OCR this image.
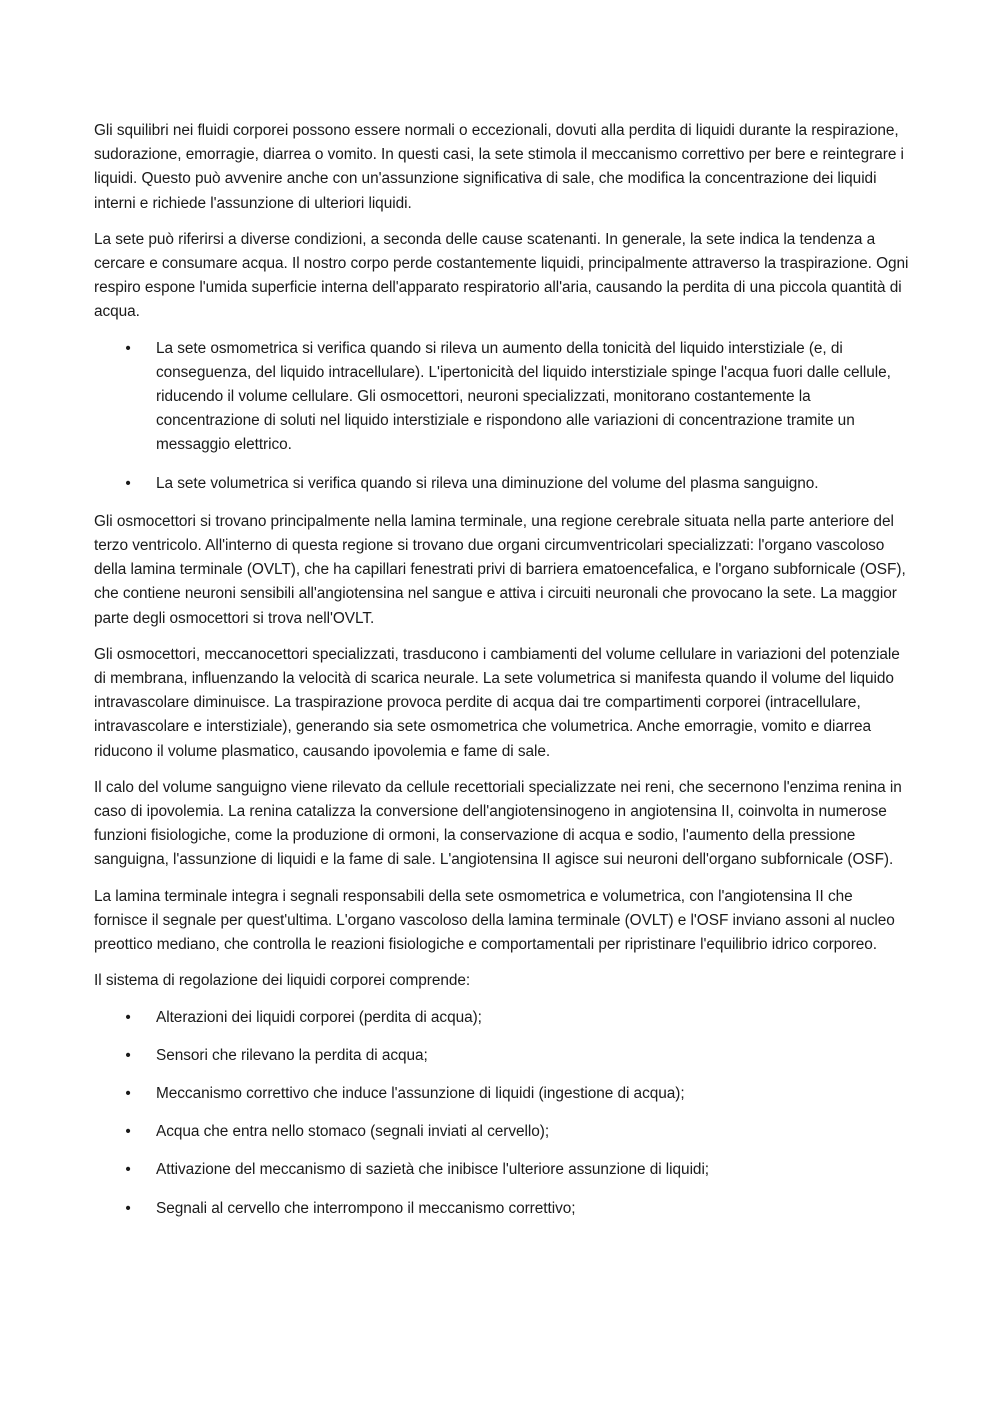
Gli squilibri nei fluidi corporei possono essere normali o eccezionali, dovuti alla perdita di liquidi durante la respirazione, sudorazione, emorragie, diarrea o vomito. In questi casi, la sete stimola il meccanismo correttivo per bere e reintegrare i liquidi. Questo può avvenire anche con un'assunzione significativa di sale, che modifica la concentrazione dei liquidi interni e richiede l'assunzione di ulteriori liquidi.

La sete può riferirsi a diverse condizioni, a seconda delle cause scatenanti. In generale, la sete indica la tendenza a cercare e consumare acqua. Il nostro corpo perde costantemente liquidi, principalmente attraverso la traspirazione. Ogni respiro espone l'umida superficie interna dell'apparato respiratorio all'aria, causando la perdita di una piccola quantità di acqua.

• La sete osmometrica si verifica quando si rileva un aumento della tonicità del liquido interstiziale (e, di conseguenza, del liquido intracellulare). L'ipertonicità del liquido interstiziale spinge l'acqua fuori dalle cellule, riducendo il volume cellulare. Gli osmocettori, neuroni specializzati, monitorano costantemente la concentrazione di soluti nel liquido interstiziale e rispondono alle variazioni di concentrazione tramite un messaggio elettrico.
• La sete volumetrica si verifica quando si rileva una diminuzione del volume del plasma sanguigno.

Gli osmocettori si trovano principalmente nella lamina terminale, una regione cerebrale situata nella parte anteriore del terzo ventricolo. All'interno di questa regione si trovano due organi circumventricolari specializzati: l'organo vascoloso della lamina terminale (OVLT), che ha capillari fenestrati privi di barriera ematoencefalica, e l'organo subfornicale (OSF), che contiene neuroni sensibili all'angiotensina nel sangue e attiva i circuiti neuronali che provocano la sete. La maggior parte degli osmocettori si trova nell'OVLT.

Gli osmocettori, meccanocettori specializzati, trasducono i cambiamenti del volume cellulare in variazioni del potenziale di membrana, influenzando la velocità di scarica neurale. La sete volumetrica si manifesta quando il volume del liquido intravascolare diminuisce. La traspirazione provoca perdite di acqua dai tre compartimenti corporei (intracellulare, intravascolare e interstiziale), generando sia sete osmometrica che volumetrica. Anche emorragie, vomito e diarrea riducono il volume plasmatico, causando ipovolemia e fame di sale.

Il calo del volume sanguigno viene rilevato da cellule recettoriali specializzate nei reni, che secernono l'enzima renina in caso di ipovolemia. La renina catalizza la conversione dell'angiotensinogeno in angiotensina II, coinvolta in numerose funzioni fisiologiche, come la produzione di ormoni, la conservazione di acqua e sodio, l'aumento della pressione sanguigna, l'assunzione di liquidi e la fame di sale. L'angiotensina II agisce sui neuroni dell'organo subfornicale (OSF).

La lamina terminale integra i segnali responsabili della sete osmometrica e volumetrica, con l'angiotensina II che fornisce il segnale per quest'ultima. L'organo vascoloso della lamina terminale (OVLT) e l'OSF inviano assoni al nucleo preottico mediano, che controlla le reazioni fisiologiche e comportamentali per ripristinare l'equilibrio idrico corporeo.

Il sistema di regolazione dei liquidi corporei comprende:

• Alterazioni dei liquidi corporei (perdita di acqua);
• Sensori che rilevano la perdita di acqua;
• Meccanismo correttivo che induce l'assunzione di liquidi (ingestione di acqua);
• Acqua che entra nello stomaco (segnali inviati al cervello);
• Attivazione del meccanismo di sazietà che inibisce l'ulteriore assunzione di liquidi;
• Segnali al cervello che interrompono il meccanismo correttivo;
